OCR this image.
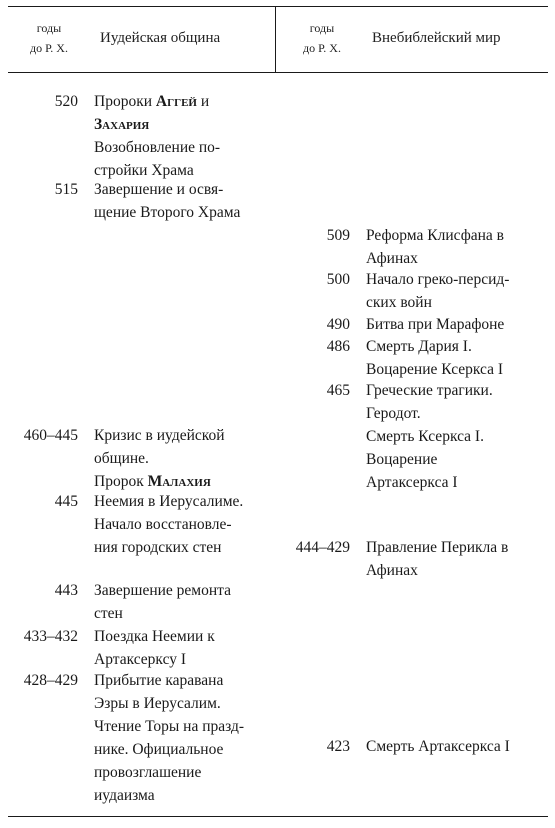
годы
до Р. Х.
Иудейская община
годы
до Р. Х.
Внебиблейский мир
520 Пророки Аггей и
Захария
Возобновление по-
стройки Храма
515 Завершение и освя-
щение Второго Храма
460–445 Кризис в иудейской
общине.
Пророк Малахия
445 Неемия в Иерусалиме.
Начало восстановле-
ния городских стен
443 Завершение ремонта
стен
433–432 Поездка Неемии к
Артаксерксу I
428–429 Прибытие каравана
Эзры в Иерусалим.
Чтение Торы на празд-
нике. Официальное
провозглашение
иудаизма
509 Реформа Клисфана в
Афинах
500 Начало греко-персид-
ских войн
490 Битва при Марафоне
486 Смерть Дария I.
Воцарение Ксеркса I
465 Греческие трагики.
Геродот.
Смерть Ксеркса I.
Воцарение
Артаксеркса I
444–429 Правление Перикла в
Афинах
423 Смерть Артаксеркса I
